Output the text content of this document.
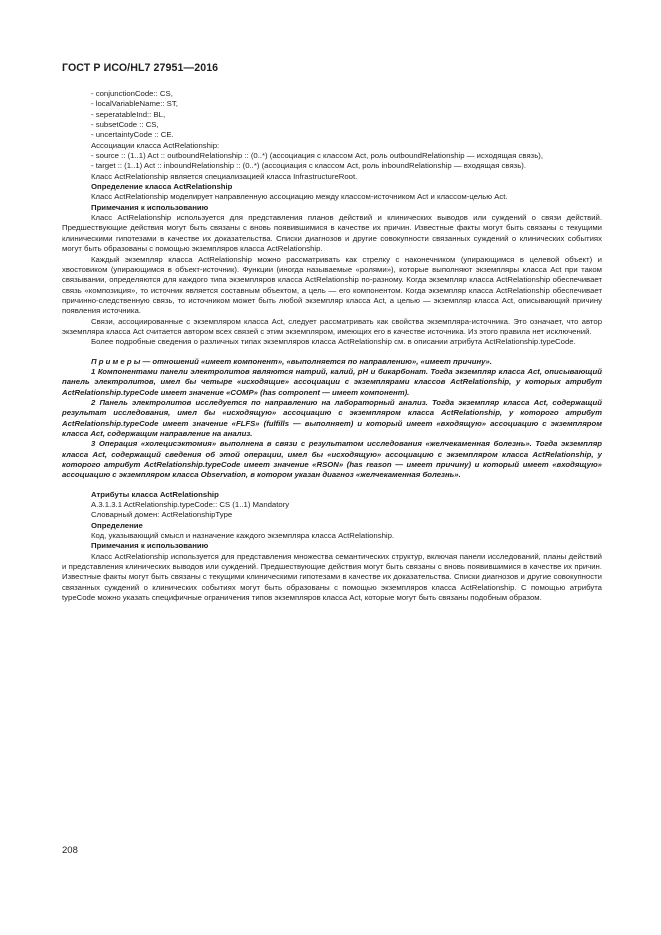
ГОСТ Р ИСО/HL7 27951—2016

- conjunctionCode:: CS,

- localVariableName:: ST,

- seperatableInd:: BL,

- subsetCode :: CS,

- uncertaintyCode :: CE.

Ассоциации класса ActRelationship:

- source :: (1..1) Act :: outboundRelationship :: (0..*) (ассоциация с классом Act, роль outboundRelationship — исходящая связь),

- target :: (1..1) Act :: inboundRelationship :: (0..*) (ассоциация с классом Act, роль inboundRelationship — входящая связь).

Класс ActRelationship является специализацией класса InfrastructureRoot.

Определение класса ActRelationship

Класс ActRelationship моделирует направленную ассоциацию между классом-источником Act и классом-целью Act.

Примечания к использованию

Класс ActRelationship используется для представления планов действий и клинических выводов или суждений о связи действий. Предшествующие действия могут быть связаны с вновь появившимися в качестве их причин. Известные факты могут быть связаны с текущими клиническими гипотезами в качестве их доказательства. Списки диагнозов и другие совокупности связанных суждений о клинических событиях могут быть образованы с помощью экземпляров класса ActRelationship.

Каждый экземпляр класса ActRelationship можно рассматривать как стрелку с наконечником (упирающимся в целевой объект) и хвостовиком (упирающимся в объект-источник). Функции (иногда называемые «ролями»), которые выполняют экземпляры класса Act при таком связывании, определяются для каждого типа экземпляров класса ActRelationship по-разному. Когда экземпляр класса ActRelationship обеспечивает связь «композиция», то источник является составным объектом, а цель — его компонентом. Когда экземпляр класса ActRelationship обеспечивает причинно-следственную связь, то источником может быть любой экземпляр класса Act, а целью — экземпляр класса Act, описывающий причину появления источника.

Связи, ассоциированные с экземпляром класса Act, следует рассматривать как свойства экземпляра-источника. Это означает, что автор экземпляра класса Act считается автором всех связей с этим экземпляром, имеющих его в качестве источника. Из этого правила нет исключений.

Более подробные сведения о различных типах экземпляров класса ActRelationship см. в описании атрибута ActRelationship.typeCode.

П р и м е р ы — отношений «имеет компонент», «выполняется по направлению», «имеет причину».

1 Компонентами панели электролитов являются натрий, калий, pH и бикарбонат. Тогда экземпляр класса Act, описывающий панель электролитов, имел бы четыре «исходящие» ассоциации с экземплярами классов ActRelationship, у которых атрибут ActRelationship.typeCode имеет значение «COMP» (has component — имеет компонент).

2 Панель электролитов исследуется по направлению на лабораторный анализ. Тогда экземпляр класса Act, содержащий результат исследования, имел бы «исходящую» ассоциацию с экземпляром класса ActRelationship, у которого атрибут ActRelationship.typeCode имеет значение «FLFS» (fulfills — выполняет) и который имеет «входящую» ассоциацию с экземпляром класса Act, содержащим направление на анализ.

3 Операция «холецисэктомия» выполнена в связи с результатом исследования «желчекаменная болезнь». Тогда экземпляр класса Act, содержащий сведения об этой операции, имел бы «исходящую» ассоциацию с экземпляром класса ActRelationship, у которого атрибут ActRelationship.typeCode имеет значение «RSON» (has reason — имеет причину) и который имеет «входящую» ассоциацию с экземпляром класса Observation, в котором указан диагноз «желчекаменная болезнь».

Атрибуты класса ActRelationship

A.3.1.3.1 ActRelationship.typeCode:: CS (1..1) Mandatory

Словарный домен: ActRelationshipType

Определение

Код, указывающий смысл и назначение каждого экземпляра класса ActRelationship.

Примечания к использованию

Класс ActRelationship используется для представления множества семантических структур, включая панели исследований, планы действий и представления клинических выводов или суждений. Предшествующие действия могут быть связаны с вновь появившимися в качестве их причин. Известные факты могут быть связаны с текущими клиническими гипотезами в качестве их доказательства. Списки диагнозов и другие совокупности связанных суждений о клинических событиях могут быть образованы с помощью экземпляров класса ActRelationship. С помощью атрибута typeCode можно указать специфичные ограничения типов экземпляров класса Act, которые могут быть связаны подобным образом.

208
